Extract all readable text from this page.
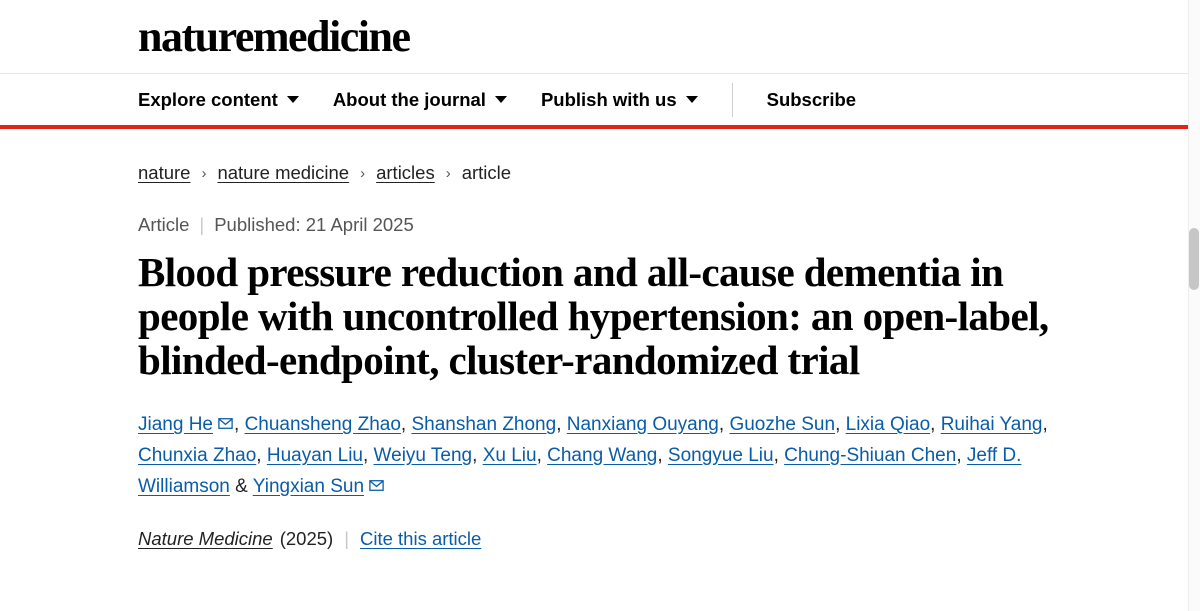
naturemedicine
Explore content	About the journal	Publish with us	Subscribe
nature › nature medicine › articles › article
Article | Published: 21 April 2025
Blood pressure reduction and all-cause dementia in people with uncontrolled hypertension: an open-label, blinded-endpoint, cluster-randomized trial
Jiang He , Chuansheng Zhao, Shanshan Zhong, Nanxiang Ouyang, Guozhe Sun, Lixia Qiao, Ruihai Yang, Chunxia Zhao, Huayan Liu, Weiyu Teng, Xu Liu, Chang Wang, Songyue Liu, Chung-Shiuan Chen, Jeff D. Williamson & Yingxian Sun
Nature Medicine (2025) | Cite this article
